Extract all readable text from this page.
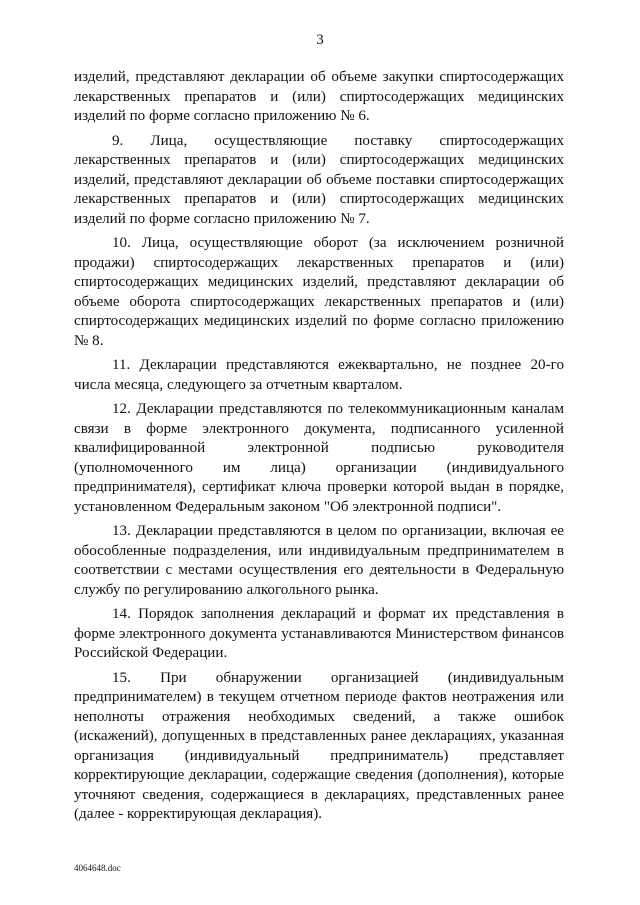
3

изделий, представляют декларации об объеме закупки спиртосодержащих лекарственных препаратов и (или) спиртосодержащих медицинских изделий по форме согласно приложению № 6.

9. Лица, осуществляющие поставку спиртосодержащих лекарственных препаратов и (или) спиртосодержащих медицинских изделий, представляют декларации об объеме поставки спиртосодержащих лекарственных препаратов и (или) спиртосодержащих медицинских изделий по форме согласно приложению № 7.

10. Лица, осуществляющие оборот (за исключением розничной продажи) спиртосодержащих лекарственных препаратов и (или) спиртосодержащих медицинских изделий, представляют декларации об объеме оборота спиртосодержащих лекарственных препаратов и (или) спиртосодержащих медицинских изделий по форме согласно приложению № 8.

11. Декларации представляются ежеквартально, не позднее 20-го числа месяца, следующего за отчетным кварталом.

12. Декларации представляются по телекоммуникационным каналам связи в форме электронного документа, подписанного усиленной квалифицированной электронной подписью руководителя (уполномоченного им лица) организации (индивидуального предпринимателя), сертификат ключа проверки которой выдан в порядке, установленном Федеральным законом "Об электронной подписи".

13. Декларации представляются в целом по организации, включая ее обособленные подразделения, или индивидуальным предпринимателем в соответствии с местами осуществления его деятельности в Федеральную службу по регулированию алкогольного рынка.

14. Порядок заполнения деклараций и формат их представления в форме электронного документа устанавливаются Министерством финансов Российской Федерации.

15. При обнаружении организацией (индивидуальным предпринимателем) в текущем отчетном периоде фактов неотражения или неполноты отражения необходимых сведений, а также ошибок (искажений), допущенных в представленных ранее декларациях, указанная организация (индивидуальный предприниматель) представляет корректирующие декларации, содержащие сведения (дополнения), которые уточняют сведения, содержащиеся в декларациях, представленных ранее (далее - корректирующая декларация).

4064648.doc
